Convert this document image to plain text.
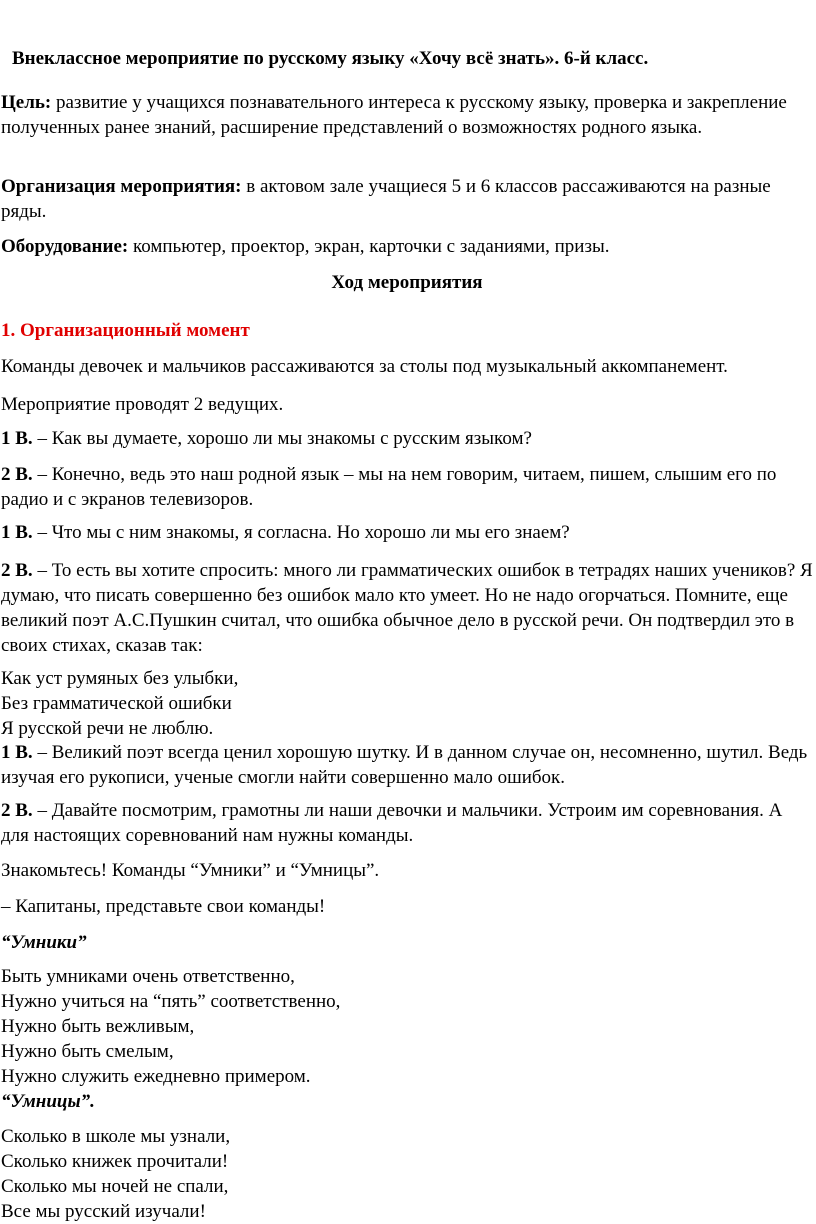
Внеклассное мероприятие по русскому языку «Хочу всё знать». 6-й класс.

Цель: развитие у учащихся познавательного интереса к русскому языку, проверка и закрепление полученных ранее знаний, расширение представлений о возможностях родного языка.

Организация мероприятия: в актовом зале учащиеся 5 и 6 классов рассаживаются на разные ряды.

Оборудование: компьютер, проектор, экран, карточки с заданиями, призы.

Ход мероприятия

1. Организационный момент

Команды девочек и мальчиков рассаживаются за столы под музыкальный аккомпанемент.

Мероприятие проводят 2 ведущих.

1 В. – Как вы думаете, хорошо ли мы знакомы с русским языком?

2 В. – Конечно, ведь это наш родной язык – мы на нем говорим, читаем, пишем, слышим его по радио и с экранов телевизоров.

1 В. – Что мы с ним знакомы, я согласна. Но хорошо ли мы его знаем?

2 В. – То есть вы хотите спросить: много ли грамматических ошибок в тетрадях наших учеников? Я думаю, что писать совершенно без ошибок мало кто умеет. Но не надо огорчаться. Помните, еще великий поэт А.С.Пушкин считал, что ошибка обычное дело в русской речи. Он подтвердил это в своих стихах, сказав так:

Как уст румяных без улыбки,
Без грамматической ошибки
Я русской речи не люблю.

1 В. – Великий поэт всегда ценил хорошую шутку. И в данном случае он, несомненно, шутил. Ведь изучая его рукописи, ученые смогли найти совершенно мало ошибок.

2 В. – Давайте посмотрим, грамотны ли наши девочки и мальчики. Устроим им соревнования. А для настоящих соревнований нам нужны команды.

Знакомьтесь! Команды “Умники” и “Умницы”.

– Капитаны, представьте свои команды!

“Умники”

Быть умниками очень ответственно,
Нужно учиться на “пять” соответственно,
Нужно быть вежливым,
Нужно быть смелым,
Нужно служить ежедневно примером.
“Умницы”.

Сколько в школе мы узнали,
Сколько книжек прочитали!
Сколько мы ночей не спали,
Все мы русский изучали!
